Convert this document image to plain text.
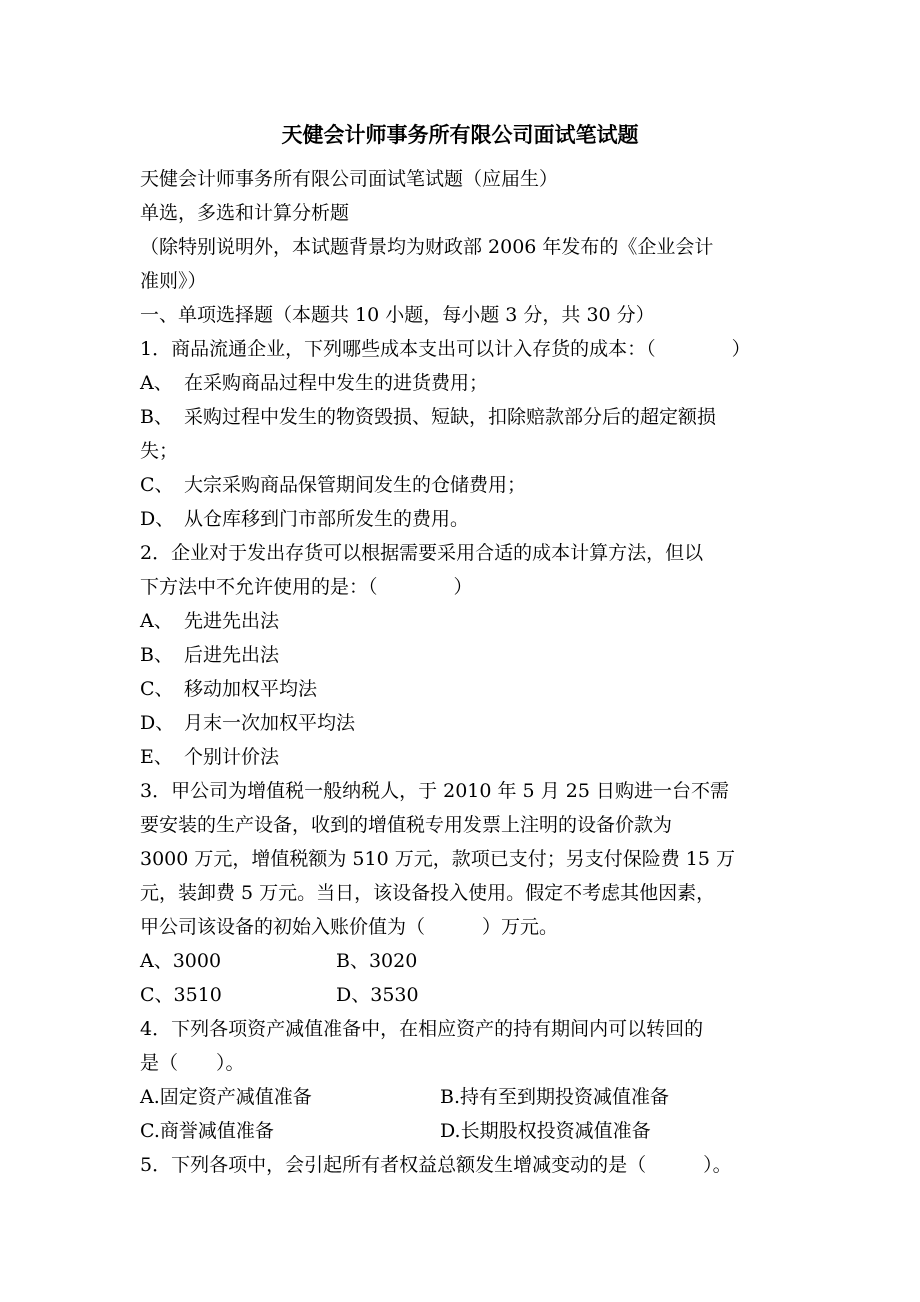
天健会计师事务所有限公司面试笔试题
天健会计师事务所有限公司面试笔试题（应届生）
单选，多选和计算分析题
（除特别说明外，本试题背景均为财政部 2006 年发布的《企业会计
准则》）
一、单项选择题（本题共 10 小题，每小题 3 分，共 30 分）
1．商品流通企业，下列哪些成本支出可以计入存货的成本：（　　　　）
A、 在采购商品过程中发生的进货费用；
B、 采购过程中发生的物资毁损、短缺，扣除赔款部分后的超定额损
失；
C、 大宗采购商品保管期间发生的仓储费用；
D、 从仓库移到门市部所发生的费用。
2．企业对于发出存货可以根据需要采用合适的成本计算方法，但以
下方法中不允许使用的是：（　　　　）
A、 先进先出法
B、 后进先出法
C、 移动加权平均法
D、 月末一次加权平均法
E、 个别计价法
3．甲公司为增值税一般纳税人，于 2010 年 5 月 25 日购进一台不需
要安装的生产设备，收到的增值税专用发票上注明的设备价款为
3000 万元，增值税额为 510 万元，款项已支付；另支付保险费 15 万
元，装卸费 5 万元。当日，该设备投入使用。假定不考虑其他因素，
甲公司该设备的初始入账价值为（　　　）万元。
A、3000	B、3020
C、3510	D、3530
4．下列各项资产减值准备中，在相应资产的持有期间内可以转回的
是（　　）。
A.固定资产减值准备	B.持有至到期投资减值准备
C.商誉减值准备	D.长期股权投资减值准备
5．下列各项中，会引起所有者权益总额发生增减变动的是（　　　）。
